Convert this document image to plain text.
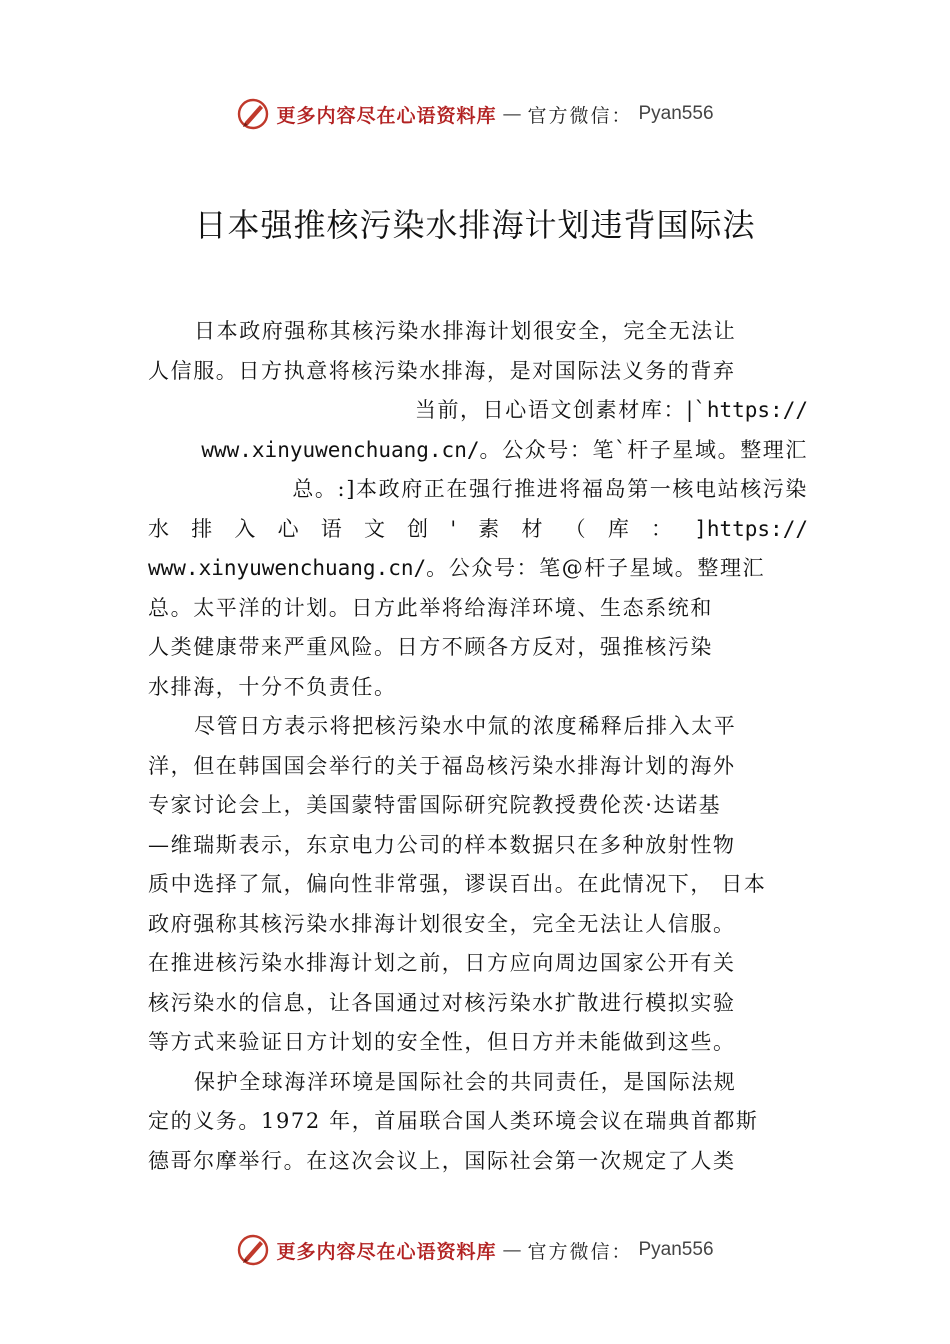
更多内容尽在心语资料库 — 官方微信： Pyan556
日本强推核污染水排海计划违背国际法
日本政府强称其核污染水排海计划很安全，完全无法让
人信服。日方执意将核污染水排海，是对国际法义务的背弃
当前，日心语文创素材库：|`https://
www.xinyuwenchuang.cn/。公众号：笔`杆子星域。整理汇
总。:]本政府正在强行推进将福岛第一核电站核污染
水 排 入 心 语 文 创 ' 素 材 （ 库 ： ]https://
www.xinyuwenchuang.cn/。公众号：笔@杆子星域。整理汇
总。太平洋的计划。日方此举将给海洋环境、生态系统和
人类健康带来严重风险。日方不顾各方反对，强推核污染
水排海，十分不负责任。
尽管日方表示将把核污染水中氚的浓度稀释后排入太平
洋，但在韩国国会举行的关于福岛核污染水排海计划的海外
专家讨论会上，美国蒙特雷国际研究院教授费伦茨·达诺基
—维瑞斯表示，东京电力公司的样本数据只在多种放射性物
质中选择了氚，偏向性非常强，谬误百出。在此情况下， 日本
政府强称其核污染水排海计划很安全，完全无法让人信服。
在推进核污染水排海计划之前，日方应向周边国家公开有关
核污染水的信息，让各国通过对核污染水扩散进行模拟实验
等方式来验证日方计划的安全性，但日方并未能做到这些。
保护全球海洋环境是国际社会的共同责任，是国际法规
定的义务。1972 年，首届联合国人类环境会议在瑞典首都斯
德哥尔摩举行。在这次会议上，国际社会第一次规定了人类
更多内容尽在心语资料库 — 官方微信： Pyan556
